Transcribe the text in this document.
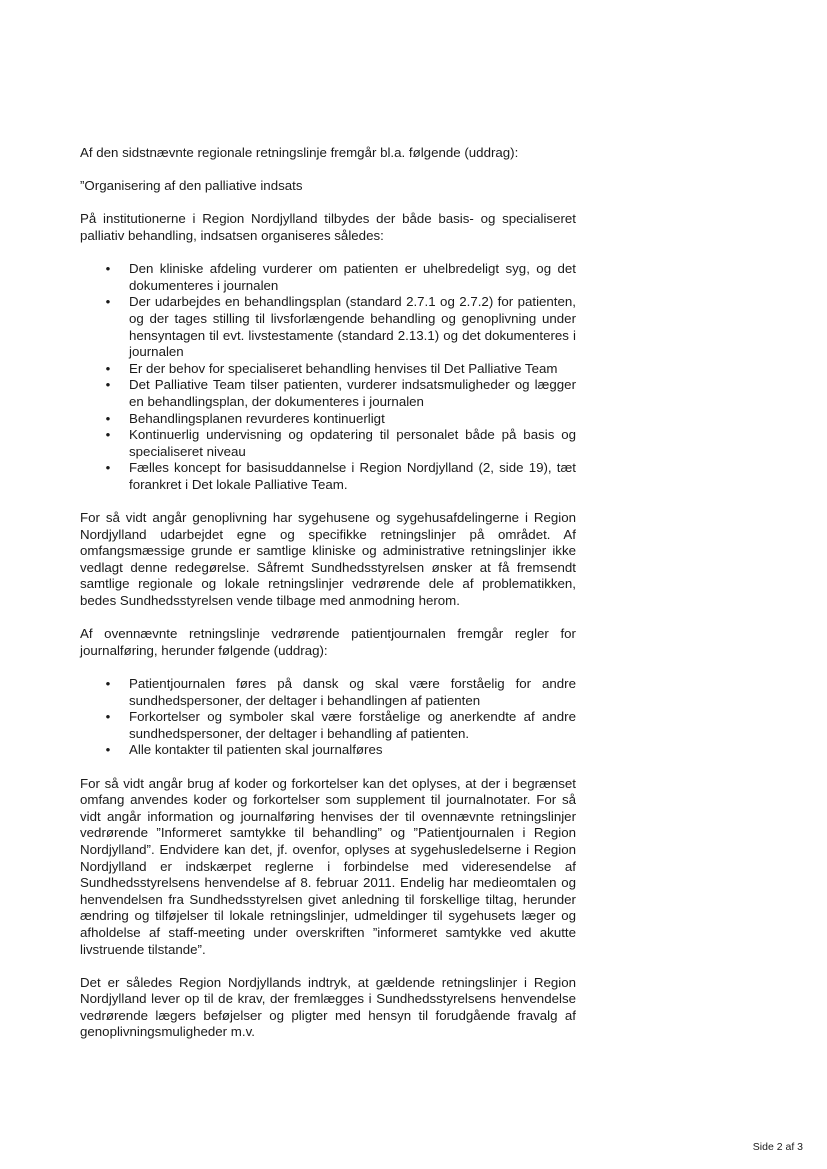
Af den sidstnævnte regionale retningslinje fremgår bl.a. følgende (uddrag):

”Organisering af den palliative indsats

På institutionerne i Region Nordjylland tilbydes der både basis- og specialiseret palliativ behandling, indsatsen organiseres således:

• Den kliniske afdeling vurderer om patienten er uhelbredeligt syg, og det dokumenteres i journalen
• Der udarbejdes en behandlingsplan (standard 2.7.1 og 2.7.2) for patienten, og der tages stilling til livsforlængende behandling og genoplivning under hensyntagen til evt. livstestamente (standard 2.13.1) og det dokumenteres i journalen
• Er der behov for specialiseret behandling henvises til Det Palliative Team
• Det Palliative Team tilser patienten, vurderer indsatsmuligheder og lægger en behandlingsplan, der dokumenteres i journalen
• Behandlingsplanen revurderes kontinuerligt
• Kontinuerlig undervisning og opdatering til personalet både på basis og specialiseret niveau
• Fælles koncept for basisuddannelse i Region Nordjylland (2, side 19), tæt forankret i Det lokale Palliative Team.

For så vidt angår genoplivning har sygehusene og sygehusafdelingerne i Region Nordjylland udarbejdet egne og specifikke retningslinjer på området. Af omfangsmæssige grunde er samtlige kliniske og administrative retningslinjer ikke vedlagt denne redegørelse. Såfremt Sundhedsstyrelsen ønsker at få fremsendt samtlige regionale og lokale retningslinjer vedrørende dele af problematikken, bedes Sundhedsstyrelsen vende tilbage med anmodning herom.

Af ovennævnte retningslinje vedrørende patientjournalen fremgår regler for journalføring, herunder følgende (uddrag):

• Patientjournalen føres på dansk og skal være forståelig for andre sundhedspersoner, der deltager i behandlingen af patienten
• Forkortelser og symboler skal være forståelige og anerkendte af andre sundhedspersoner, der deltager i behandling af patienten.
• Alle kontakter til patienten skal journalføres

For så vidt angår brug af koder og forkortelser kan det oplyses, at der i begrænset omfang anvendes koder og forkortelser som supplement til journalnotater. For så vidt angår information og journalføring henvises der til ovennævnte retningslinjer vedrørende ”Informeret samtykke til behandling” og ”Patientjournalen i Region Nordjylland”. Endvidere kan det, jf. ovenfor, oplyses at sygehusledelserne i Region Nordjylland er indskærpet reglerne i forbindelse med videresendelse af Sundhedsstyrelsens henvendelse af 8. februar 2011. Endelig har medieomtalen og henvendelsen fra Sundhedsstyrelsen givet anledning til forskellige tiltag, herunder ændring og tilføjelser til lokale retningslinjer, udmeldinger til sygehusets læger og afholdelse af staff-meeting under overskriften ”informeret samtykke ved akutte livstruende tilstande”.

Det er således Region Nordjyllands indtryk, at gældende retningslinjer i Region Nordjylland lever op til de krav, der fremlægges i Sundhedsstyrelsens henvendelse vedrørende lægers beføjelser og pligter med hensyn til forudgående fravalg af genoplivningsmuligheder m.v.

Side 2 af 3
